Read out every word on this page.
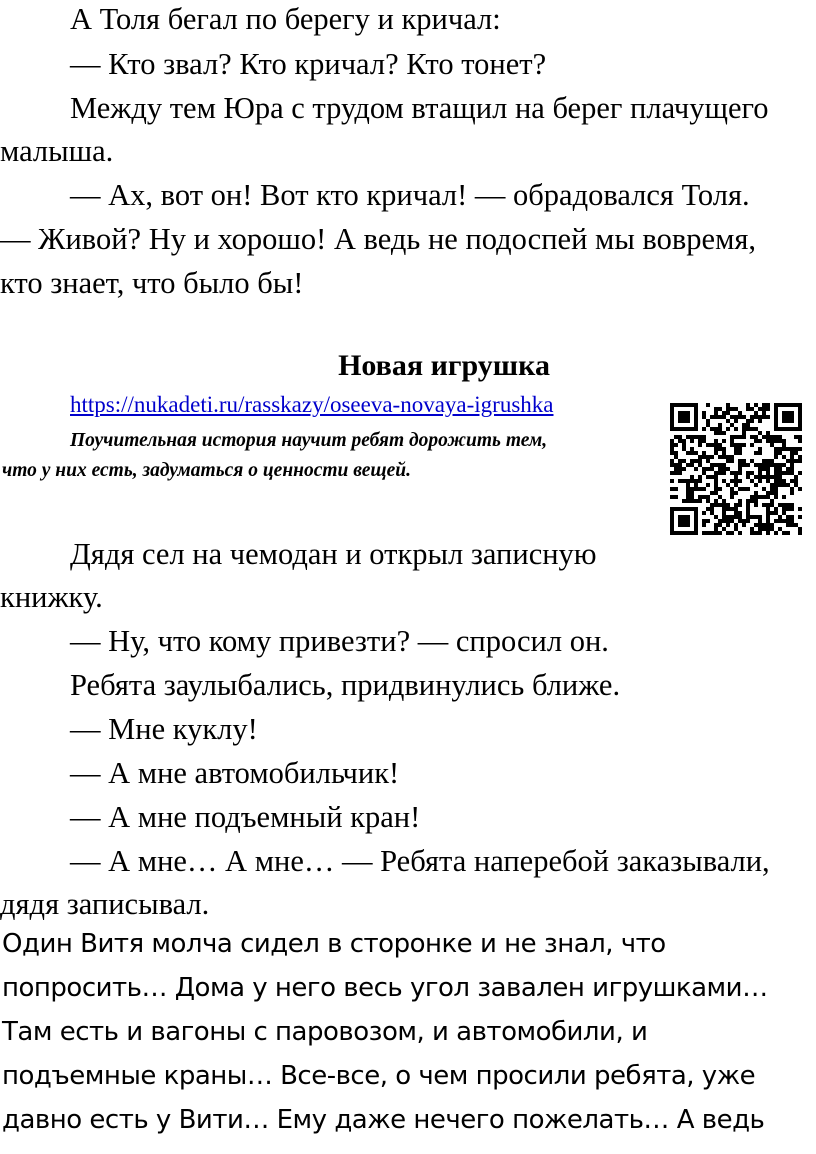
А Толя бегал по берегу и кричал:
— Кто звал? Кто кричал? Кто тонет?
Между тем Юра с трудом втащил на берег плачущего
малыша.
— Ах, вот он! Вот кто кричал! — обрадовался Толя.
— Живой? Ну и хорошо! А ведь не подоспей мы вовремя,
кто знает, что было бы!
Новая игрушка
https://nukadeti.ru/rasskazy/oseeva-novaya-igrushka
Поучительная история научит ребят дорожить тем,
что у них есть, задуматься о ценности вещей.
Дядя сел на чемодан и открыл записную
книжку.
— Ну, что кому привезти? — спросил он.
Ребята заулыбались, придвинулись ближе.
— Мне куклу!
— А мне автомобильчик!
— А мне подъемный кран!
— А мне… А мне… — Ребята наперебой заказывали,
дядя записывал.
Один Витя молча сидел в сторонке и не знал, что
попросить… Дома у него весь угол завален игрушками…
Там есть и вагоны с паровозом, и автомобили, и
подъемные краны… Все-все, о чем просили ребята, уже
давно есть у Вити… Ему даже нечего пожелать… А ведь
